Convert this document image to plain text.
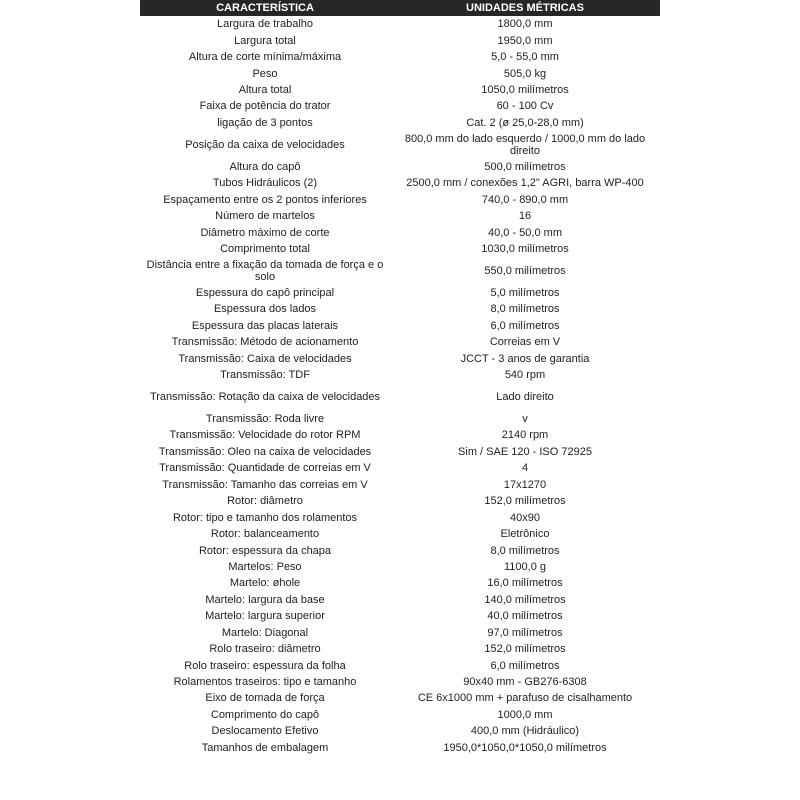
CARACTERÍSTICA	UNIDADES MÉTRICAS
Largura de trabalho	1800,0 mm
Largura total	1950,0 mm
Altura de corte mínima/máxima	5,0 - 55,0 mm
Peso	505,0 kg
Altura total	1050,0 milímetros
Faixa de potência do trator	60 - 100 Cv
ligação de 3 pontos	Cat. 2 (ø 25,0-28,0 mm)
Posição da caixa de velocidades	800,0 mm do lado esquerdo / 1000,0 mm do lado direito
Altura do capô	500,0 milímetros
Tubos Hidráulicos (2)	2500,0 mm / conexões 1,2" AGRI, barra WP-400
Espaçamento entre os 2 pontos inferiores	740,0 - 890,0 mm
Número de martelos	16
Diâmetro máximo de corte	40,0 - 50,0 mm
Comprimento total	1030,0 milímetros
Distância entre a fixação da tomada de força e o solo	550,0 milímetros
Espessura do capô principal	5,0 milímetros
Espessura dos lados	8,0 milímetros
Espessura das placas laterais	6,0 milímetros
Transmissão: Método de acionamento	Correias em V
Transmissão: Caixa de velocidades	JCCT - 3 anos de garantia
Transmissão: TDF	540 rpm
Transmissão: Rotação da caixa de velocidades	Lado direito
Transmissão: Roda livre	v
Transmissão: Velocidade do rotor RPM	2140 rpm
Transmissão: Oleo na caixa de velocidades	Sim / SAE 120 - ISO 72925
Transmissão: Quantidade de correias em V	4
Transmissão: Tamanho das correias em V	17x1270
Rotor: diâmetro	152,0 milímetros
Rotor: tipo e tamanho dos rolamentos	40x90
Rotor: balanceamento	Eletrônico
Rotor: espessura da chapa	8,0 milímetros
Martelos: Peso	1100,0 g
Martelo: øhole	16,0 milímetros
Martelo: largura da base	140,0 milímetros
Martelo: largura superior	40,0 milímetros
Martelo: Diagonal	97,0 milímetros
Rolo traseiro: diâmetro	152,0 milímetros
Rolo traseiro: espessura da folha	6,0 milímetros
Rolamentos traseiros: tipo e tamanho	90x40 mm - GB276-6308
Eixo de tomada de força	CE 6x1000 mm + parafuso de cisalhamento
Comprimento do capô	1000,0 mm
Deslocamento Efetivo	400,0 mm (Hidráulico)
Tamanhos de embalagem	1950,0*1050,0*1050,0 milímetros
